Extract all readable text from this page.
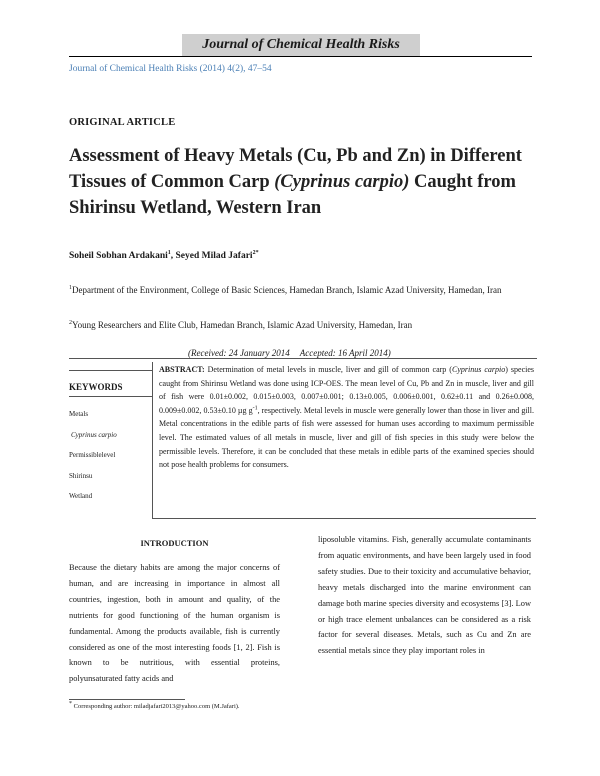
Journal of Chemical Health Risks
Journal of Chemical Health Risks (2014) 4(2), 47–54
ORIGINAL ARTICLE
Assessment of Heavy Metals (Cu, Pb and Zn) in Different Tissues of Common Carp (Cyprinus carpio) Caught from Shirinsu Wetland, Western Iran
Soheil Sobhan Ardakani$^1$, Seyed Milad Jafari$^{2*}$
$^1$Department of the Environment, College of Basic Sciences, Hamedan Branch, Islamic Azad University, Hamedan, Iran
$^2$Young Researchers and Elite Club, Hamedan Branch, Islamic Azad University, Hamedan, Iran
(Received: 24 January 2014 Accepted: 16 April 2014)
KEYWORDS
Metals
Cyprinus carpio
Permissiblelevel
Shirinsu
Wetland
ABSTRACT: Determination of metal levels in muscle, liver and gill of common carp (Cyprinus carpio) species caught from Shirinsu Wetland was done using ICP-OES. The mean level of Cu, Pb and Zn in muscle, liver and gill of fish were 0.01±0.002, 0.015±0.003, 0.007±0.001; 0.13±0.005, 0.006±0.001, 0.62±0.11 and 0.26±0.008, 0.009±0.002, 0.53±0.10 µg $g^{-1}$, respectively. Metal levels in muscle were generally lower than those in liver and gill. Metal concentrations in the edible parts of fish were assessed for human uses according to maximum permissible level. The estimated values of all metals in muscle, liver and gill of fish species in this study were below the permissible levels. Therefore, it can be concluded that these metals in edible parts of the examined species should not pose health problems for consumers.
INTRODUCTION
Because the dietary habits are among the major concerns of human, and are increasing in importance in almost all countries, ingestion, both in amount and quality, of the nutrients for good functioning of the human organism is fundamental. Among the products available, fish is currently considered as one of the most interesting foods [1, 2]. Fish is known to be nutritious, with essential proteins, polyunsaturated fatty acids and
liposoluble vitamins. Fish, generally accumulate contaminants from aquatic environments, and have been largely used in food safety studies. Due to their toxicity and accumulative behavior, heavy metals discharged into the marine environment can damage both marine species diversity and ecosystems [3]. Low or high trace element unbalances can be considered as a risk factor for several diseases. Metals, such as Cu and Zn are essential metals since they play important roles in
* Corresponding author: miladjafari2013@yahoo.com (M.Jafari).
